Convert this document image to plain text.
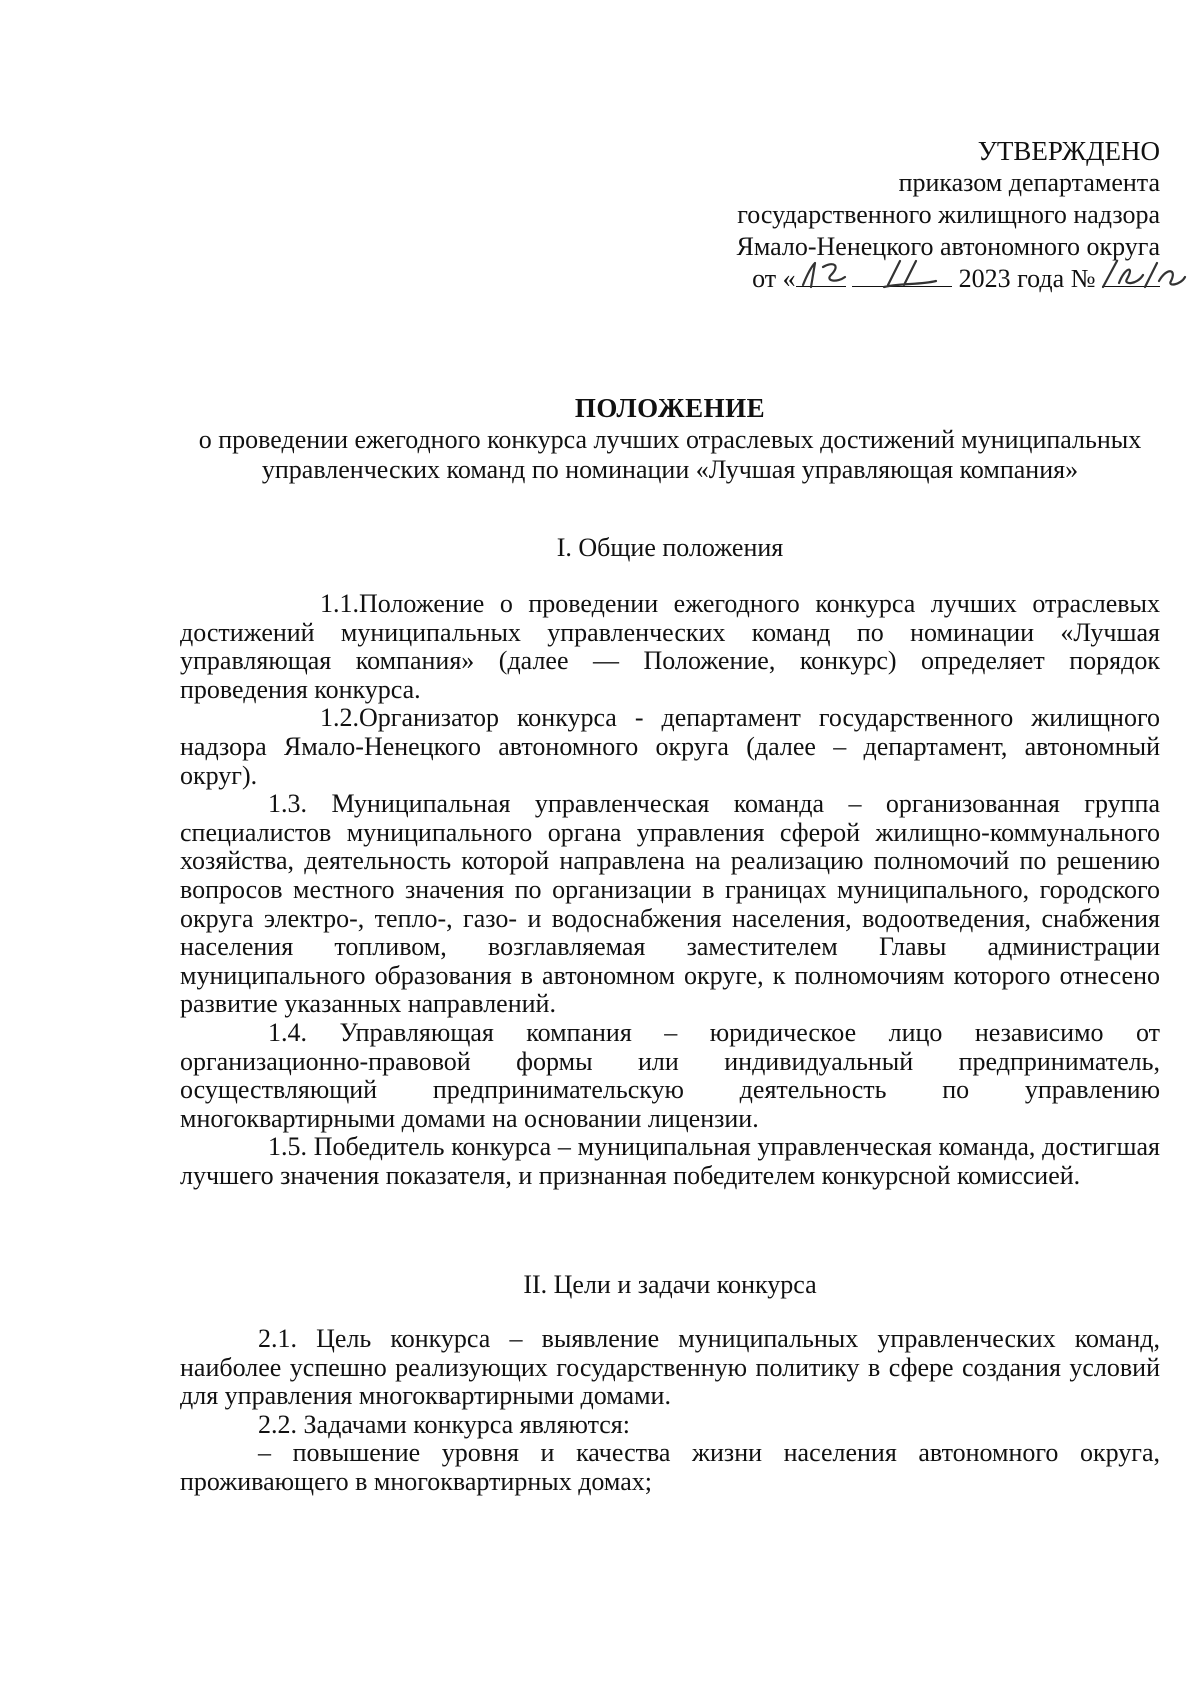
УТВЕРЖДЕНО
приказом департамента
государственного жилищного надзора
Ямало-Ненецкого автономного округа
от «	2023 года №
ПОЛОЖЕНИЕ
о проведении ежегодного конкурса лучших отраслевых достижений муниципальных управленческих команд по номинации «Лучшая управляющая компания»
I. Общие положения

1.1.Положение о проведении ежегодного конкурса лучших отраслевых достижений муниципальных управленческих команд по номинации «Лучшая управляющая компания» (далее — Положение, конкурс) определяет порядок проведения конкурса.

1.2.Организатор конкурса - департамент государственного жилищного надзора Ямало-Ненецкого автономного округа (далее – департамент, автономный округ).

1.3. Муниципальная управленческая команда – организованная группа специалистов муниципального органа управления сферой жилищно-коммунального хозяйства, деятельность которой направлена на реализацию полномочий по решению вопросов местного значения по организации в границах муниципального, городского округа электро-, тепло-, газо- и водоснабжения населения, водоотведения, снабжения населения топливом, возглавляемая заместителем Главы администрации муниципального образования в автономном округе, к полномочиям которого отнесено развитие указанных направлений.

1.4. Управляющая компания – юридическое лицо независимо от организационно-правовой формы или индивидуальный предприниматель, осуществляющий предпринимательскую деятельность по управлению многоквартирными домами на основании лицензии.

1.5. Победитель конкурса – муниципальная управленческая команда, достигшая лучшего значения показателя, и признанная победителем конкурсной комиссией.

II. Цели и задачи конкурса

2.1. Цель конкурса – выявление муниципальных управленческих команд, наиболее успешно реализующих государственную политику в сфере создания условий для управления многоквартирными домами.

2.2. Задачами конкурса являются:

– повышение уровня и качества жизни населения автономного округа, проживающего в многоквартирных домах;
